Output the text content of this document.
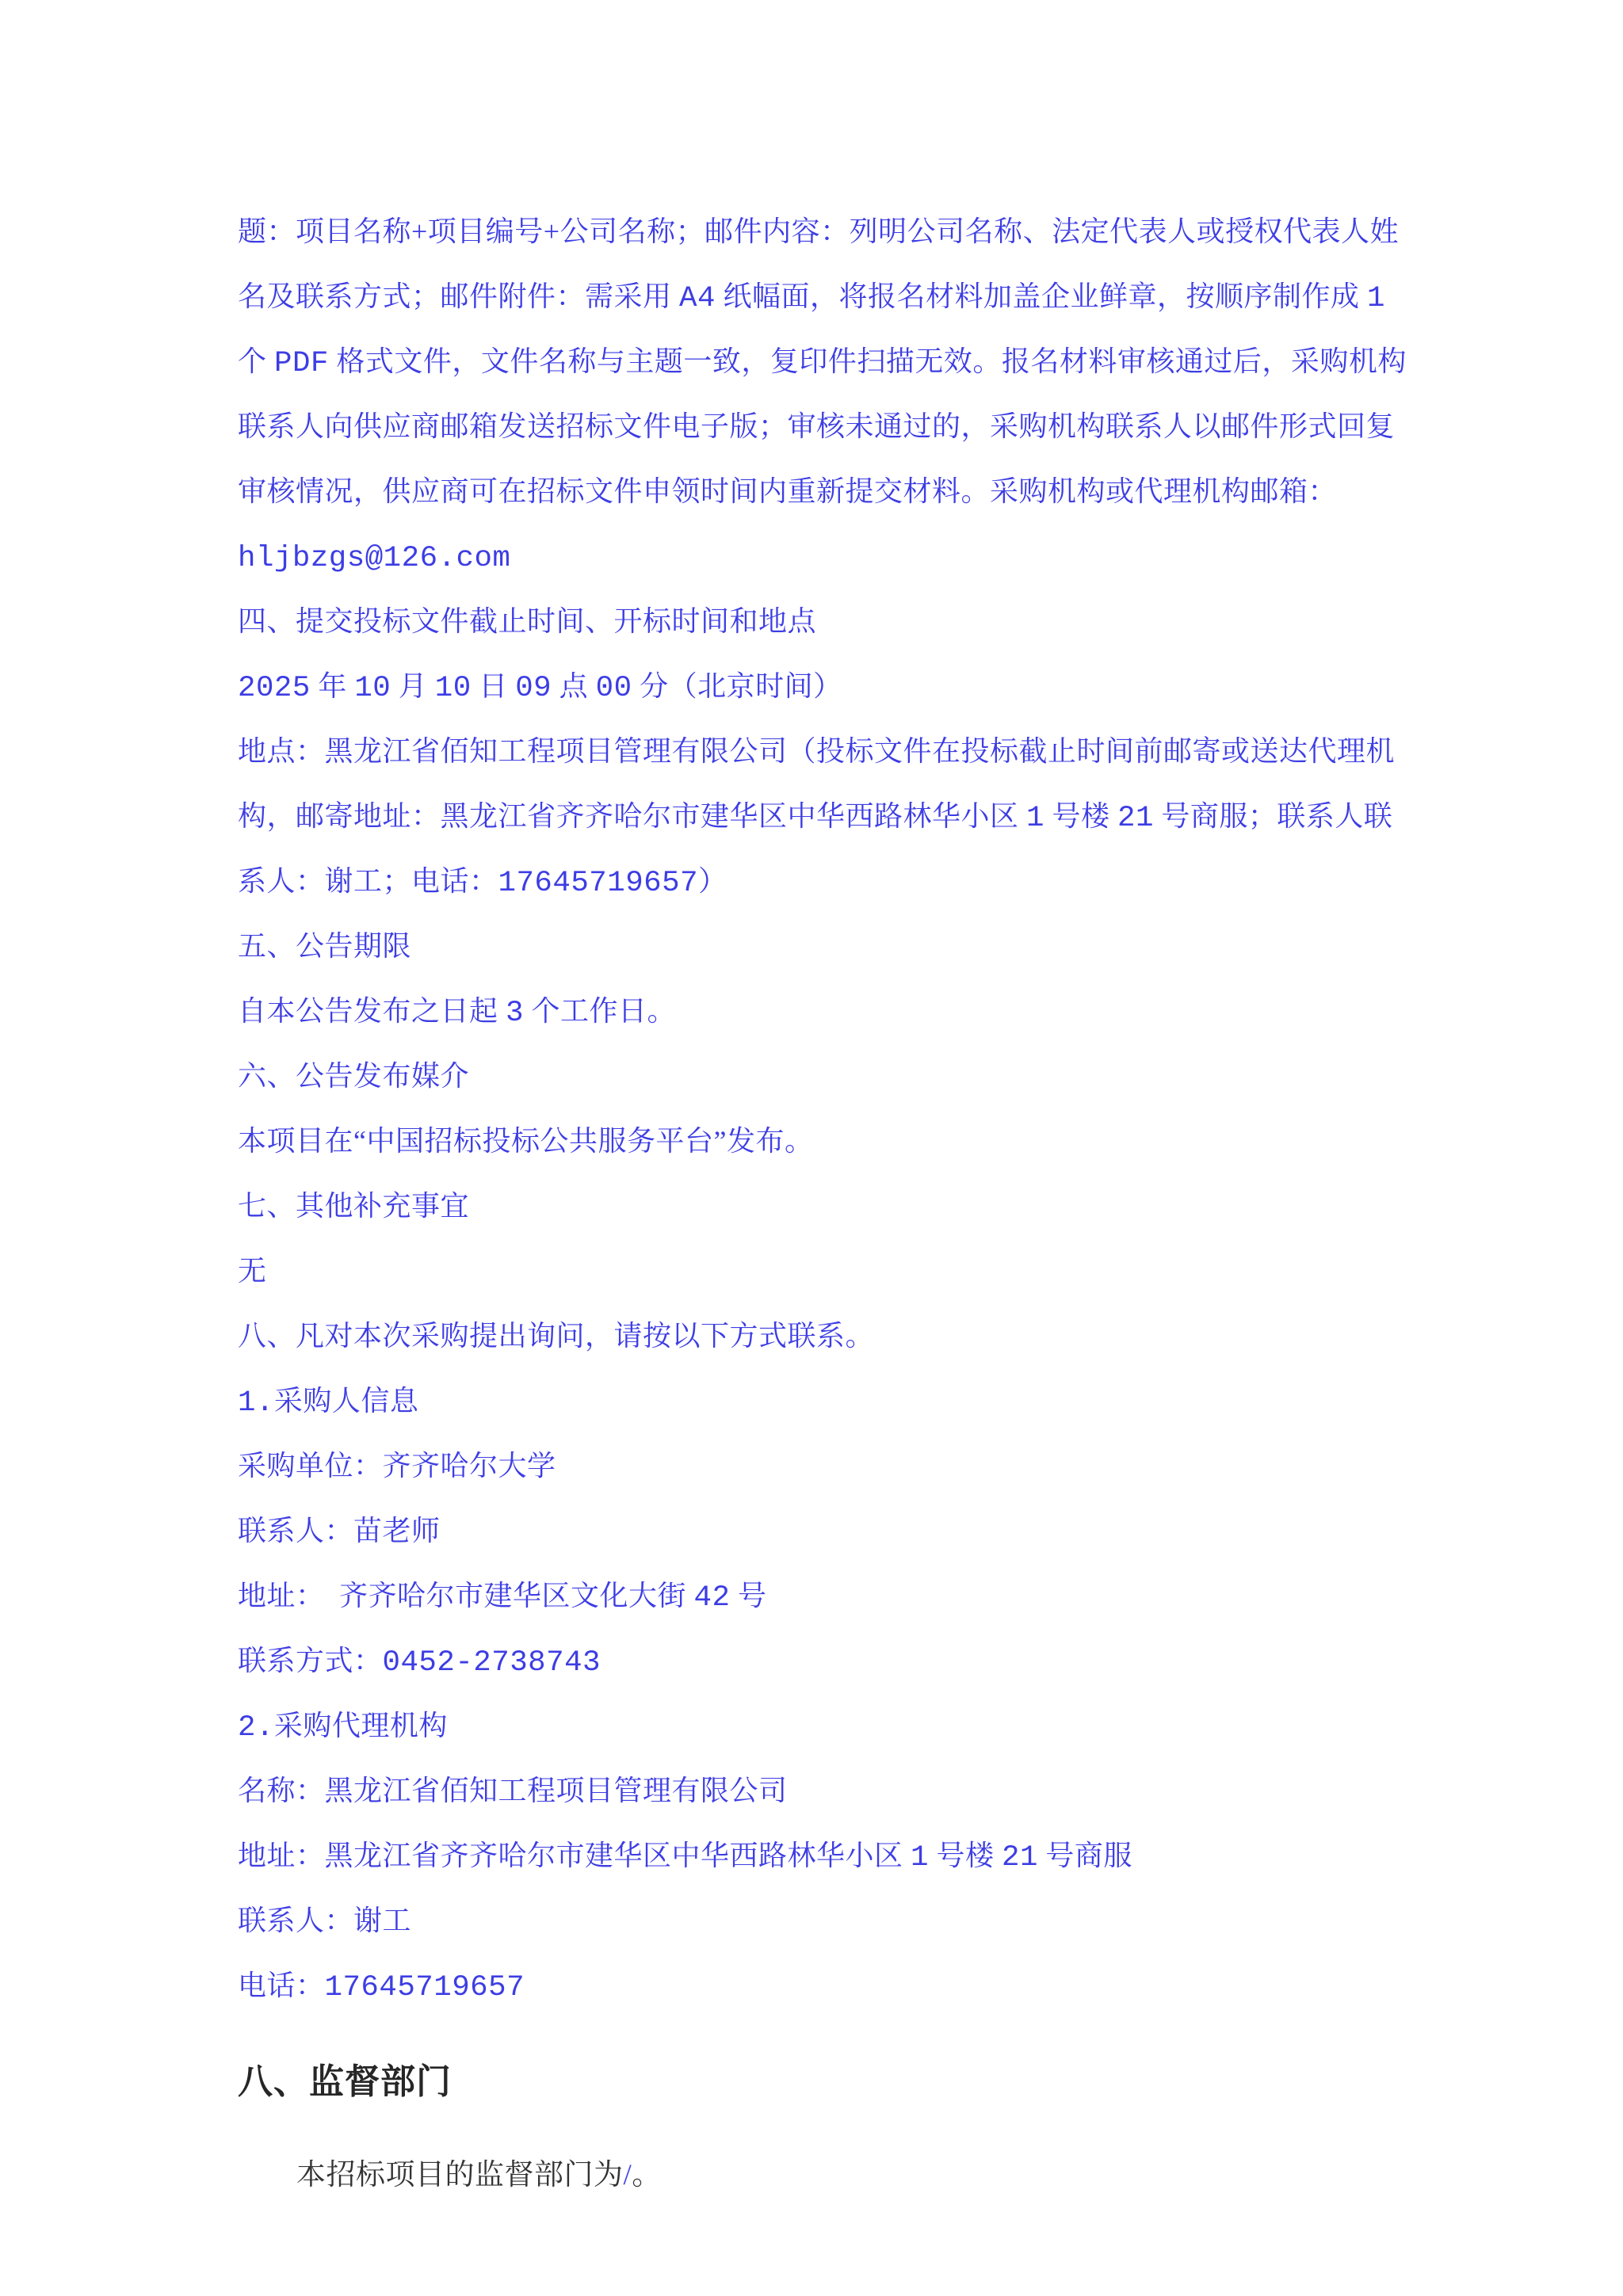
题：项目名称+项目编号+公司名称；邮件内容：列明公司名称、法定代表人或授权代表人姓
名及联系方式；邮件附件：需采用 A4 纸幅面，将报名材料加盖企业鲜章，按顺序制作成 1
个 PDF 格式文件，文件名称与主题一致，复印件扫描无效。报名材料审核通过后，采购机构
联系人向供应商邮箱发送招标文件电子版；审核未通过的，采购机构联系人以邮件形式回复
审核情况，供应商可在招标文件申领时间内重新提交材料。采购机构或代理机构邮箱：
hljbzgs@126.com
四、提交投标文件截止时间、开标时间和地点
2025 年 10 月 10 日 09 点 00 分（北京时间）
地点：黑龙江省佰知工程项目管理有限公司（投标文件在投标截止时间前邮寄或送达代理机
构，邮寄地址：黑龙江省齐齐哈尔市建华区中华西路林华小区 1 号楼 21 号商服；联系人联
系人：谢工；电话：17645719657）
五、公告期限
自本公告发布之日起 3 个工作日。
六、公告发布媒介
本项目在“中国招标投标公共服务平台”发布。
七、其他补充事宜
无
八、凡对本次采购提出询问，请按以下方式联系。
1.采购人信息
采购单位：齐齐哈尔大学
联系人：苗老师
地址：　齐齐哈尔市建华区文化大街 42 号
联系方式：0452-2738743
2.采购代理机构
名称：黑龙江省佰知工程项目管理有限公司
地址：黑龙江省齐齐哈尔市建华区中华西路林华小区 1 号楼 21 号商服
联系人：谢工
电话：17645719657
八、监督部门
本招标项目的监督部门为/。
